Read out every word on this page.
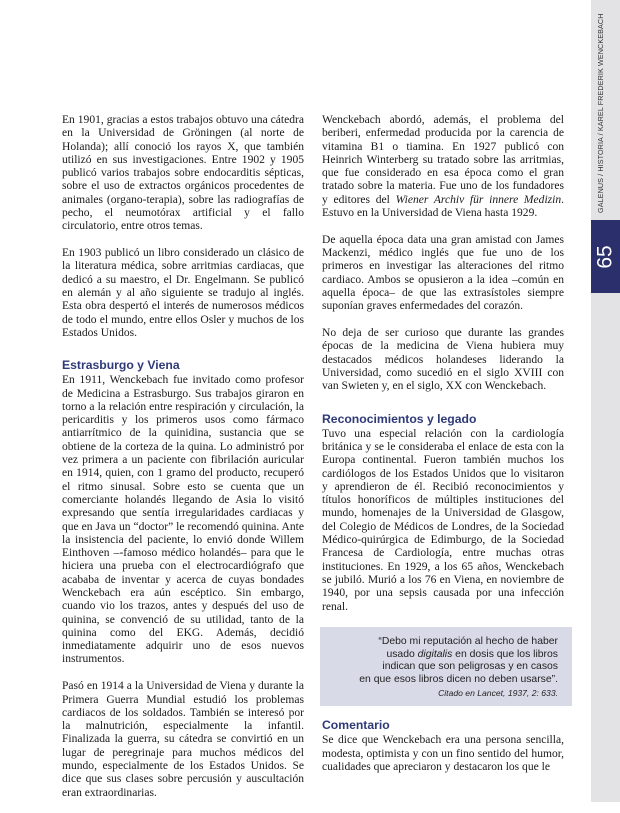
GALENUS / HISTORIA / KAREL FREDERIK WENCKEBACH
65

En 1901, gracias a estos trabajos obtuvo una cátedra en la Universidad de Gröningen (al norte de Holanda); allí conoció los rayos X, que también utilizó en sus investigaciones. Entre 1902 y 1905 publicó varios trabajos sobre endocarditis sépticas, sobre el uso de extractos orgánicos procedentes de animales (organo-terapia), sobre las radiografías de pecho, el neumotórax artificial y el fallo circulatorio, entre otros temas.

En 1903 publicó un libro considerado un clásico de la literatura médica, sobre arritmias cardiacas, que dedicó a su maestro, el Dr. Engelmann. Se publicó en alemán y al año siguiente se tradujo al inglés. Esta obra despertó el interés de numerosos médicos de todo el mundo, entre ellos Osler y muchos de los Estados Unidos.

Estrasburgo y Viena

En 1911, Wenckebach fue invitado como profesor de Medicina a Estrasburgo. Sus trabajos giraron en torno a la relación entre respiración y circulación, la pericarditis y los primeros usos como fármaco antiarrítmico de la quinidina, sustancia que se obtiene de la corteza de la quina. Lo administró por vez primera a un paciente con fibrilación auricular en 1914, quien, con 1 gramo del producto, recuperó el ritmo sinusal. Sobre esto se cuenta que un comerciante holandés llegando de Asia lo visitó expresando que sentía irregularidades cardiacas y que en Java un “doctor” le recomendó quinina. Ante la insistencia del paciente, lo envió donde Willem Einthoven –-famoso médico holandés– para que le hiciera una prueba con el electrocardiógrafo que acababa de inventar y acerca de cuyas bondades Wenckebach era aún escéptico. Sin embargo, cuando vio los trazos, antes y después del uso de quinina, se convenció de su utilidad, tanto de la quinina como del EKG. Además, decidió inmediatamente adquirir uno de esos nuevos instrumentos.

Pasó en 1914 a la Universidad de Viena y durante la Primera Guerra Mundial estudió los problemas cardiacos de los soldados. También se interesó por la malnutrición, especialmente la infantil. Finalizada la guerra, su cátedra se convirtió en un lugar de peregrinaje para muchos médicos del mundo, especialmente de los Estados Unidos. Se dice que sus clases sobre percusión y auscultación eran extraordinarias.

Wenckebach abordó, además, el problema del beriberi, enfermedad producida por la carencia de vitamina B1 o tiamina. En 1927 publicó con Heinrich Winterberg su tratado sobre las arritmias, que fue considerado en esa época como el gran tratado sobre la materia. Fue uno de los fundadores y editores del Wiener Archiv für innere Medizin. Estuvo en la Universidad de Viena hasta 1929.

De aquella época data una gran amistad con James Mackenzi, médico inglés que fue uno de los primeros en investigar las alteraciones del ritmo cardiaco. Ambos se opusieron a la idea –común en aquella época– de que las extrasístoles siempre suponían graves enfermedades del corazón.

No deja de ser curioso que durante las grandes épocas de la medicina de Viena hubiera muy destacados médicos holandeses liderando la Universidad, como sucedió en el siglo XVIII con van Swieten y, en el siglo, XX con Wenckebach.

Reconocimientos y legado

Tuvo una especial relación con la cardiología británica y se le consideraba el enlace de esta con la Europa continental. Fueron también muchos los cardiólogos de los Estados Unidos que lo visitaron y aprendieron de él. Recibió reconocimientos y títulos honoríficos de múltiples instituciones del mundo, homenajes de la Universidad de Glasgow, del Colegio de Médicos de Londres, de la Sociedad Médico-quirúrgica de Edimburgo, de la Sociedad Francesa de Cardiología, entre muchas otras instituciones. En 1929, a los 65 años, Wenckebach se jubiló. Murió a los 76 en Viena, en noviembre de 1940, por una sepsis causada por una infección renal.

“Debo mi reputación al hecho de haber
usado digitalis en dosis que los libros
indican que son peligrosas y en casos
en que esos libros dicen no deben usarse”.
Citado en Lancet, 1937, 2: 633.
Comentario

Se dice que Wenckebach era una persona sencilla, modesta, optimista y con un fino sentido del humor, cualidades que apreciaron y destacaron los que le
